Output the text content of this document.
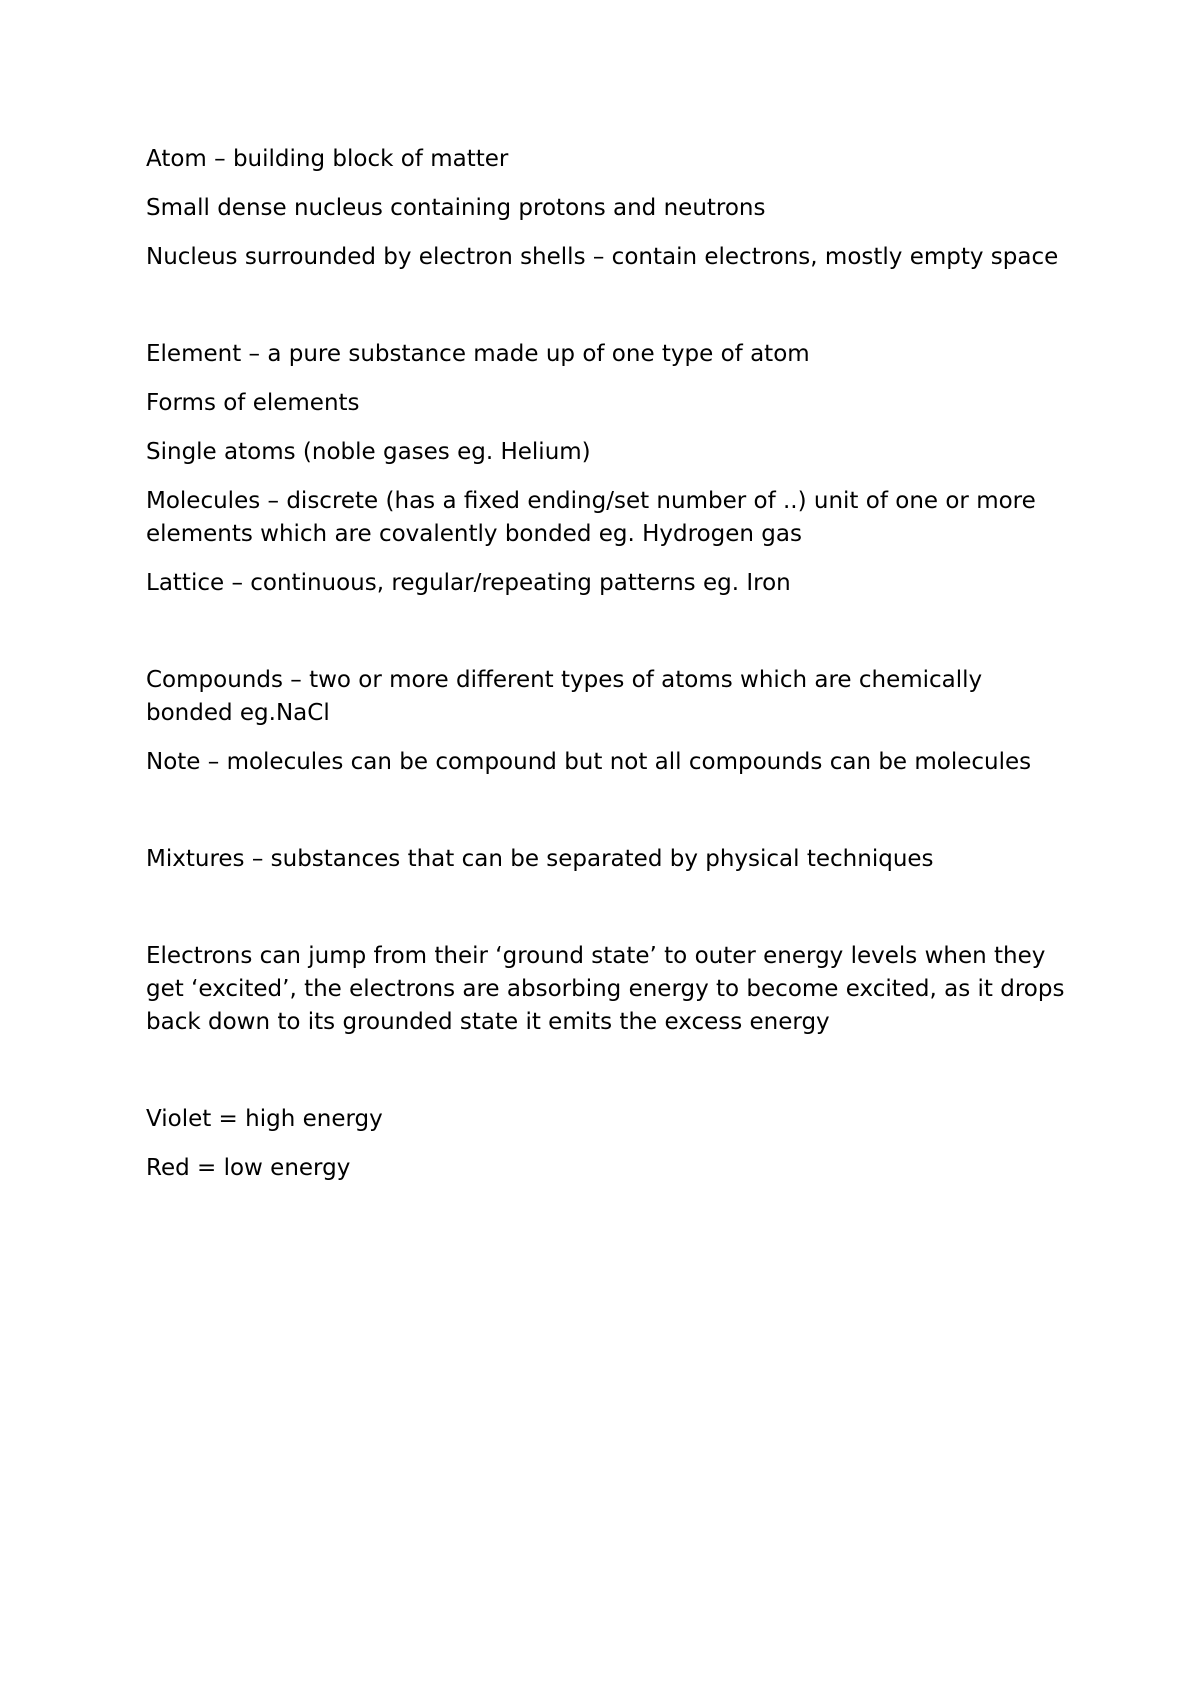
Atom – building block of matter

Small dense nucleus containing protons and neutrons

Nucleus surrounded by electron shells – contain electrons, mostly empty space

Element – a pure substance made up of one type of atom

Forms of elements

Single atoms (noble gases eg. Helium)

Molecules – discrete (has a fixed ending/set number of ..) unit of one or more elements which are covalently bonded eg. Hydrogen gas

Lattice – continuous, regular/repeating patterns eg. Iron

Compounds – two or more different types of atoms which are chemically bonded eg.NaCl

Note – molecules can be compound but not all compounds can be molecules

Mixtures – substances that can be separated by physical techniques

Electrons can jump from their ‘ground state’ to outer energy levels when they get ‘excited’, the electrons are absorbing energy to become excited, as it drops back down to its grounded state it emits the excess energy

Violet = high energy

Red = low energy
